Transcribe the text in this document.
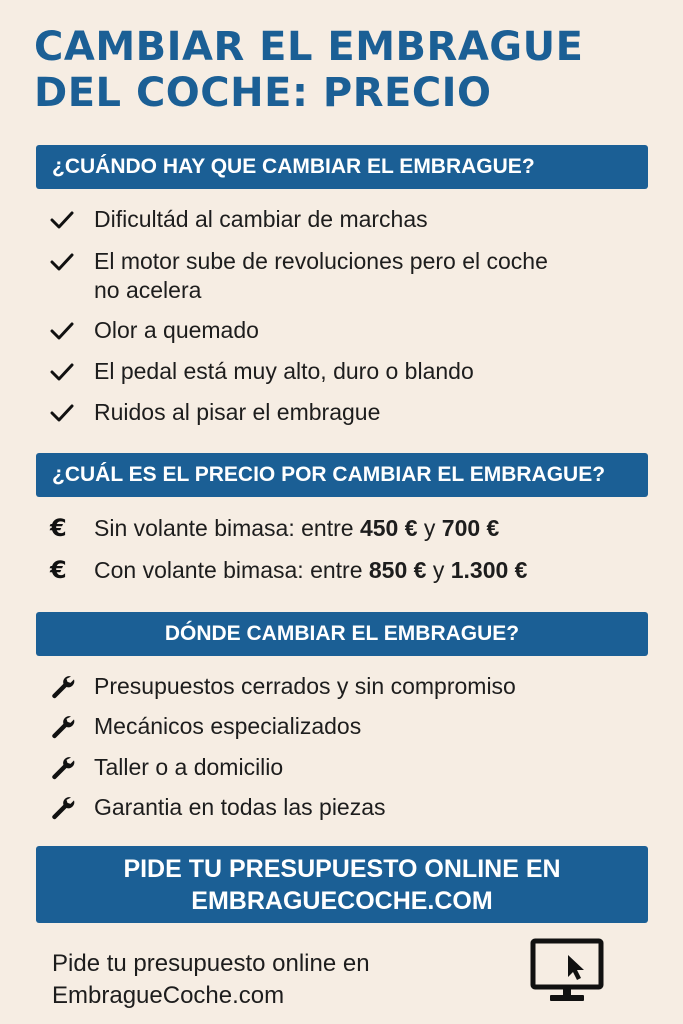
CAMBIAR EL EMBRAGUE
DEL COCHE: PRECIO
¿CUÁNDO HAY QUE CAMBIAR EL EMBRAGUE?
Dificultád al cambiar de marchas
El motor sube de revoluciones pero el coche
no acelera
Olor a quemado
El pedal está muy alto, duro o blando
Ruidos al pisar el embrague
¿CUÁL ES EL PRECIO POR CAMBIAR EL EMBRAGUE?
€	Sin volante bimasa: entre 450 € y 700 €
€	Con volante bimasa: entre 850 € y 1.300 €
DÓNDE CAMBIAR EL EMBRAGUE?
Presupuestos cerrados y sin compromiso
Mecánicos especializados
Taller o a domicilio
Garantia en todas las piezas
PIDE TU PRESUPUESTO ONLINE EN
EMBRAGUECOCHE.COM
Pide tu presupuesto online en
EmbragueCoche.com
